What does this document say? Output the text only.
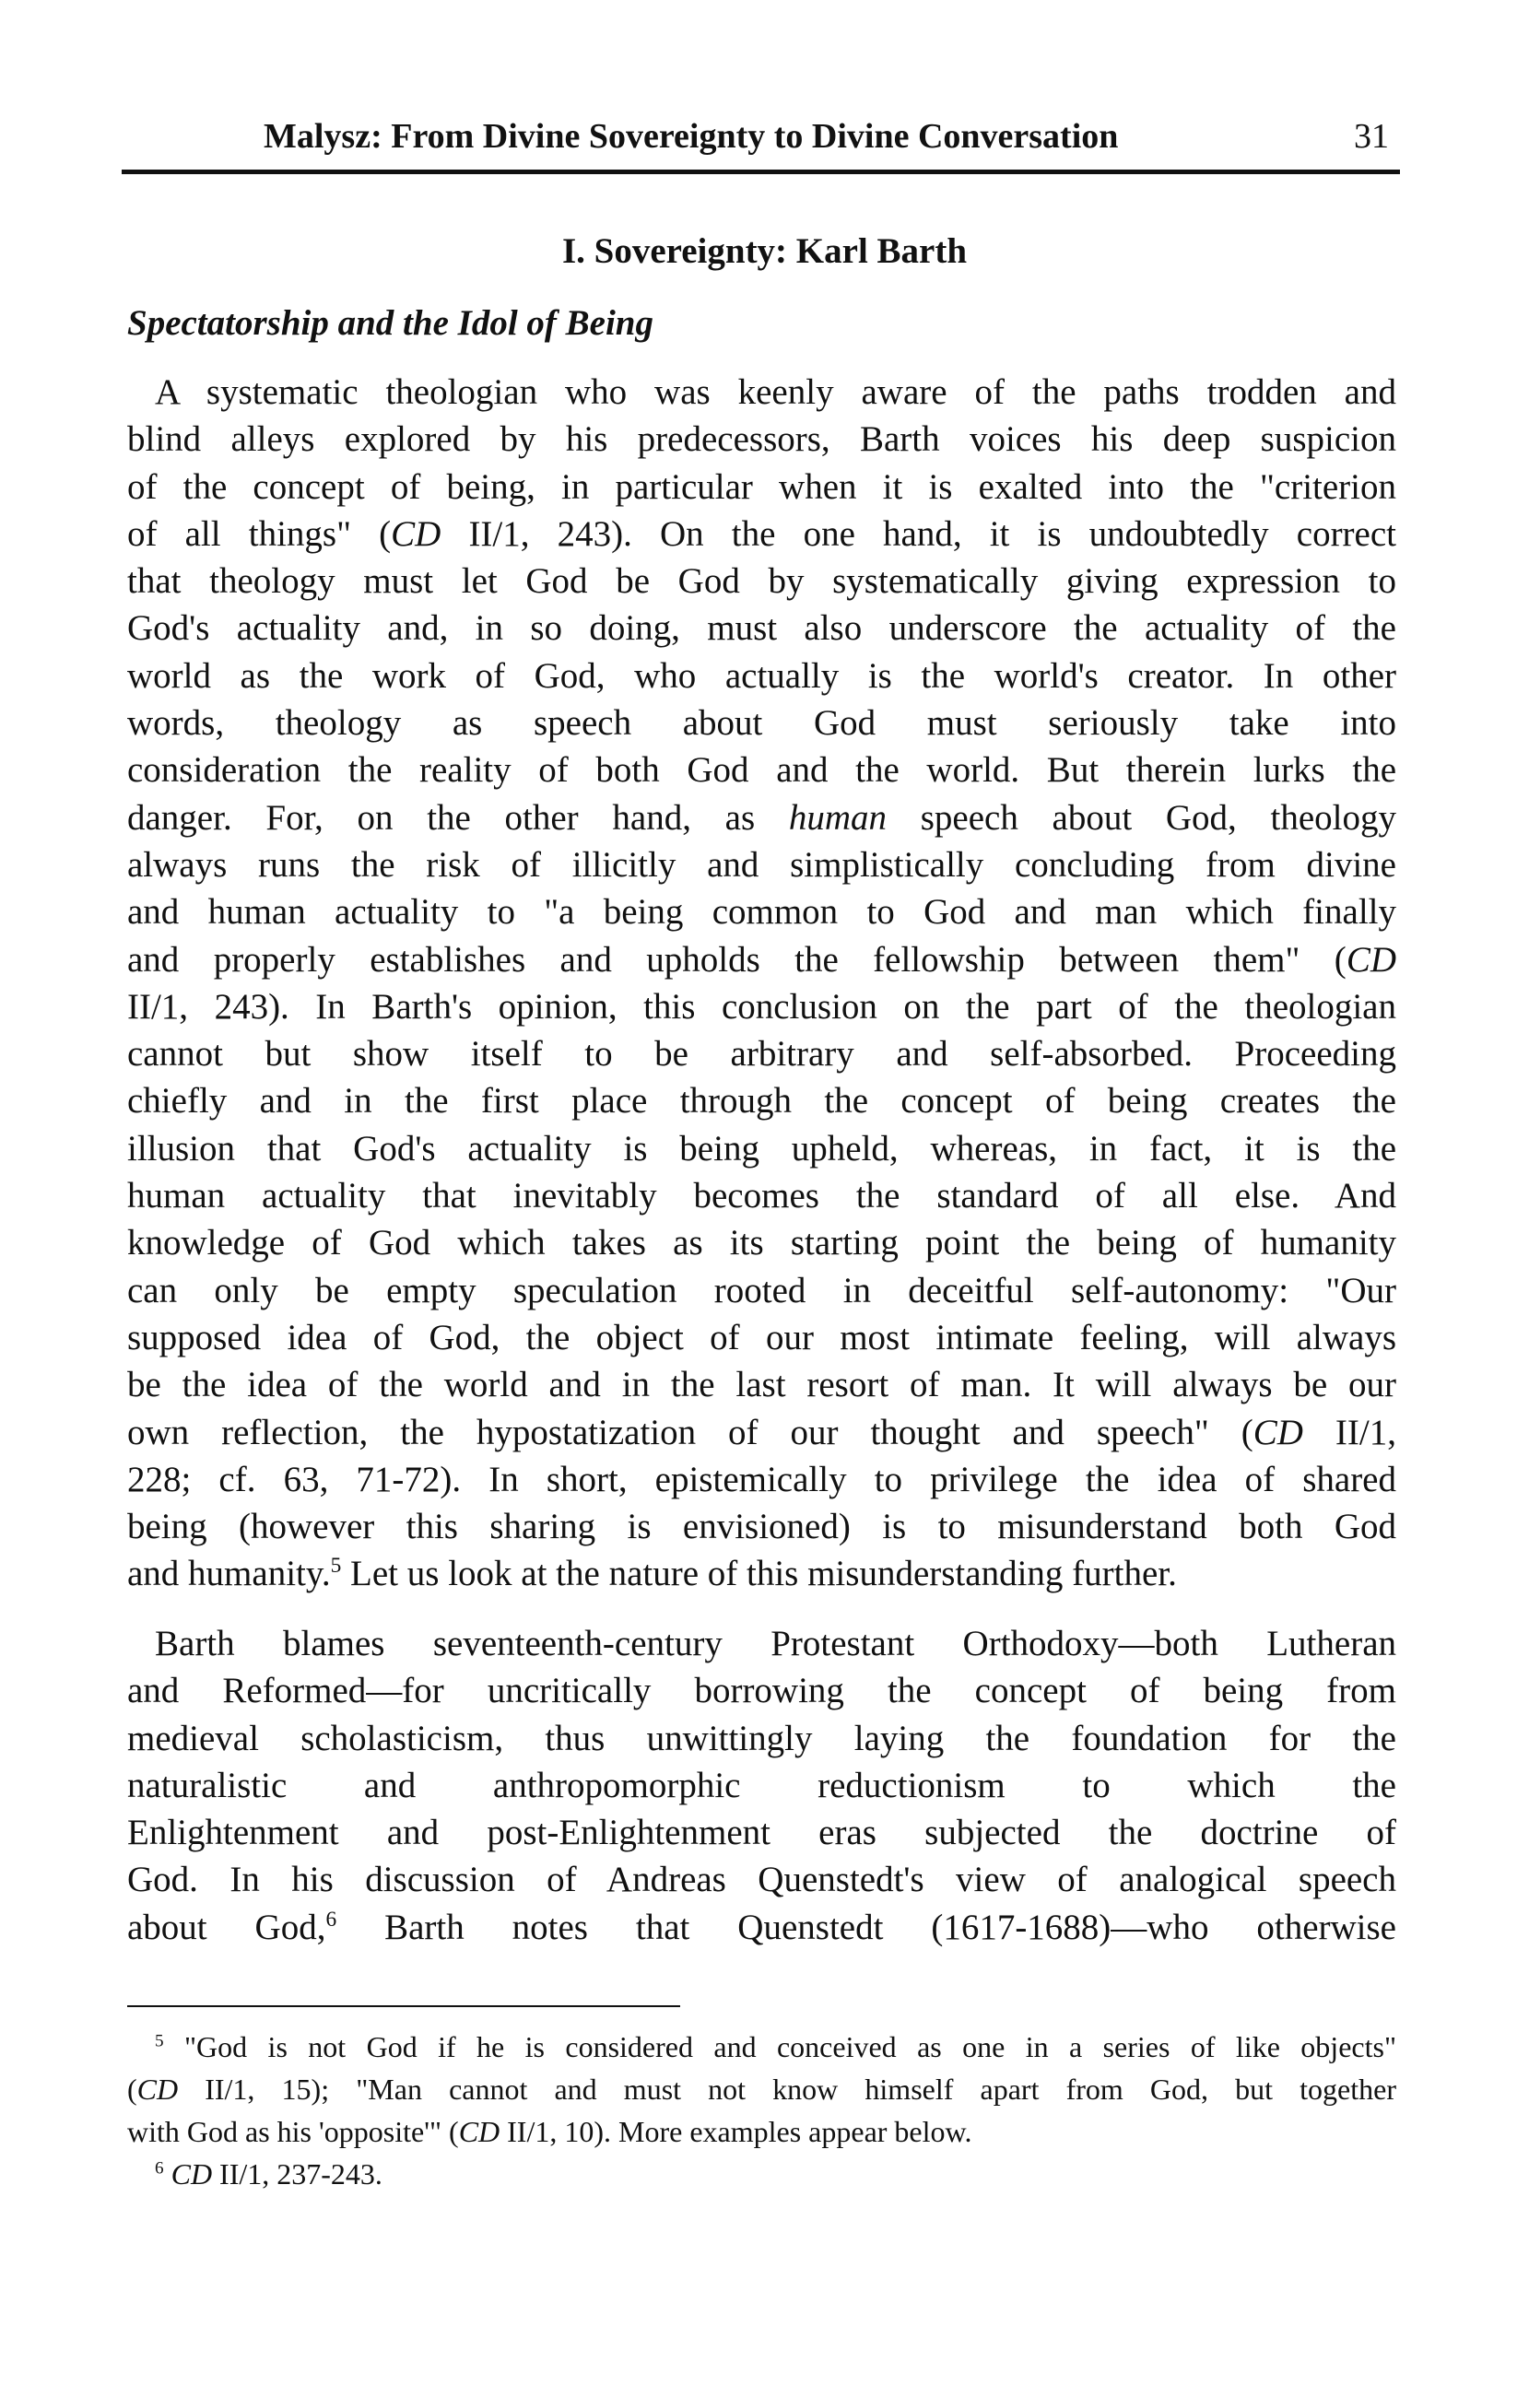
Malysz: From Divine Sovereignty to Divine Conversation	31
I. Sovereignty: Karl Barth
Spectatorship and the Idol of Being
A systematic theologian who was keenly aware of the paths trodden and
blind alleys explored by his predecessors, Barth voices his deep suspicion
of the concept of being, in particular when it is exalted into the "criterion
of all things" (CD II/1, 243). On the one hand, it is undoubtedly correct
that theology must let God be God by systematically giving expression to
God's actuality and, in so doing, must also underscore the actuality of the
world as the work of God, who actually is the world's creator. In other
words, theology as speech about God must seriously take into
consideration the reality of both God and the world. But therein lurks the
danger. For, on the other hand, as human speech about God, theology
always runs the risk of illicitly and simplistically concluding from divine
and human actuality to "a being common to God and man which finally
and properly establishes and upholds the fellowship between them" (CD
II/1, 243). In Barth's opinion, this conclusion on the part of the theologian
cannot but show itself to be arbitrary and self-absorbed. Proceeding
chiefly and in the first place through the concept of being creates the
illusion that God's actuality is being upheld, whereas, in fact, it is the
human actuality that inevitably becomes the standard of all else. And
knowledge of God which takes as its starting point the being of humanity
can only be empty speculation rooted in deceitful self-autonomy: "Our
supposed idea of God, the object of our most intimate feeling, will always
be the idea of the world and in the last resort of man. It will always be our
own reflection, the hypostatization of our thought and speech" (CD II/1,
228; cf. 63, 71-72). In short, epistemically to privilege the idea of shared
being (however this sharing is envisioned) is to misunderstand both God
and humanity.$^5$ Let us look at the nature of this misunderstanding further.
Barth blames seventeenth-century Protestant Orthodoxy—both Lutheran
and Reformed—for uncritically borrowing the concept of being from
medieval scholasticism, thus unwittingly laying the foundation for the
naturalistic and anthropomorphic reductionism to which the
Enlightenment and post-Enlightenment eras subjected the doctrine of
God. In his discussion of Andreas Quenstedt's view of analogical speech
about God,$^6$ Barth notes that Quenstedt (1617-1688)—who otherwise
$^5$ "God is not God if he is considered and conceived as one in a series of like objects"
(CD II/1, 15); "Man cannot and must not know himself apart from God, but together
with God as his 'opposite'" (CD II/1, 10). More examples appear below.
$^6$ CD II/1, 237-243.
